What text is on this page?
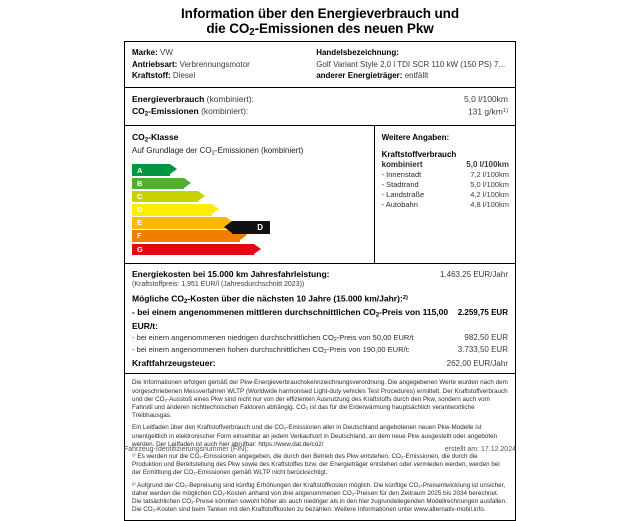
Information über den Energieverbrauch und
die $CO_2$-Emissionen des neuen Pkw
Marke: VW
Antriebsart: Verbrennungsmotor
Kraftstoff: Diesel
Handelsbezeichnung:
Golf Variant Style 2,0 l TDI SCR 110 kW (150 PS) 7...
anderer Energieträger: entfällt
Energieverbrauch (kombiniert):	5,0 l/100km
$CO_2$-Emissionen (kombiniert):	131 $g/km^{1)}$
$CO_2$-Klasse
Auf Grundlage der $CO_2$-Emissionen (kombiniert)
A
B
C
D
E
F
G
D
Weitere Angaben:
Kraftstoffverbrauch
kombiniert	5,0 l/100km
- Innenstadt	7,2 l/100km
- Stadtrand	5,0 l/100km
- Landstraße	4,2 l/100km
- Autobahn	4,8 l/100km
Energiekosten bei 15.000 km Jahresfahrleistung:	1.463,25 EUR/Jahr
(Kraftstoffpreis: 1,951 EUR/l (Jahresdurchschnitt 2023))
Mögliche $CO_2$-Kosten über die nächsten 10 Jahre (15.000 km/Jahr):$^{2)}$
- bei einem angenommenen mittleren durchschnittlichen $CO_2$-Preis von 115,00 EUR/t:
2.259,75 EUR
- bei einem angenommenen niedrigen durchschnittlichen $CO_2$-Preis von 50,00 EUR/t	982,50 EUR
- bei einem angenommenen hohen durchschnittlichen $CO_2$-Preis von 190,00 EUR/t:	3.733,50 EUR
Kraftfahrzeugsteuer:	262,00 EUR/Jahr

Die Informationen erfolgen gemäß der Pkw-Energieverbrauchskennzeichnungsverordnung. Die angegebenen Werte wurden nach dem vorgeschriebenen Messverfahren WLTP (Worldwide harmonised Light-duty vehicles Test Procedures) ermittelt. Der Kraftstoffverbrauch und der CO₂-Ausstoß eines Pkw sind nicht nur von der effizienten Ausnutzung des Kraftstoffs durch den Pkw, sondern auch vom Fahrstil und anderen nichttechnischen Faktoren abhängig. CO₂ ist das für die Erderwärmung hauptsächlich verantwortliche Treibhausgas.

Ein Leitfaden über den Kraftstoffverbrauch und die CO₂-Emissionen aller in Deutschland angebotenen neuen Pkw-Modelle ist unentgeltlich in elektronischer Form einsehbar an jedem Verkaufsort in Deutschland, an dem neue Pkw ausgestellt oder angeboten werden. Der Leitfaden ist auch hier abrufbar: https://www.dat.de/co2/

¹⁾ Es werden nur die CO₂-Emissionen angegeben, die durch den Betrieb des Pkw entstehen. CO₂-Emissionen, die durch die Produktion und Bereitstellung des Pkw sowie des Kraftstoffes bzw. der Energieträger entstehen oder vermieden werden, werden bei der Ermittlung der CO₂-Emissionen gemäß WLTP nicht berücksichtigt.

²⁾ Aufgrund der CO₂-Bepreisung sind künftig Erhöhungen der Kraftstoffkosten möglich. Die künftige CO₂-Preisentwicklung ist unsicher, daher werden die möglichen CO₂-Kosten anhand von drei angenommenen CO₂-Preisen für den Zeitraum 2025 bis 2034 berechnet. Die tatsächlichen CO₂-Preise könnten sowohl höher als auch niedriger als in den hier zugrundeliegenden Modellrechnungen ausfallen. Die CO₂-Kosten sind beim Tanken mit den Kraftstoffkosten zu bezahlen. Weitere Informationen unter www.alternativ-mobil.info.

Fahrzeug-Identifizierungsnummer (FIN):	erstellt am: 17.12.2024
